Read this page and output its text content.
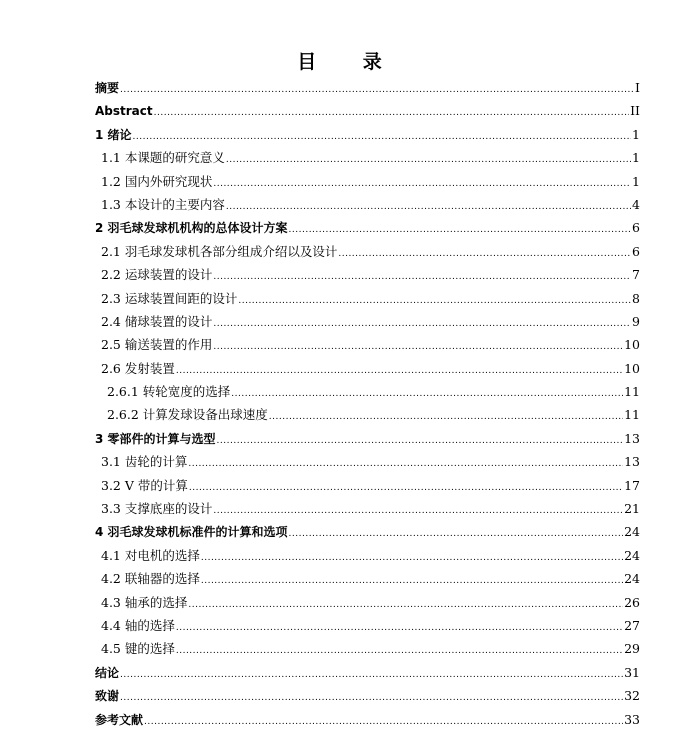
目 录
摘要 .....	I
Abstract .....	II
1 绪论 .....	1
1.1 本课题的研究意义 .....	1
1.2 国内外研究现状 .....	1
1.3 本设计的主要内容 .....	4
2 羽毛球发球机机构的总体设计方案 .....	6
2.1 羽毛球发球机各部分组成介绍以及设计 .....	6
2.2 运球装置的设计 .....	7
2.3 运球装置间距的设计 .....	8
2.4 储球装置的设计 .....	9
2.5 输送装置的作用 .....	10
2.6 发射装置 .....	10
2.6.1 转轮宽度的选择 .....	11
2.6.2 计算发球设备出球速度 .....	11
3 零部件的计算与选型 .....	13
3.1 齿轮的计算 .....	13
3.2 V 带的计算 .....	17
3.3 支撑底座的设计 .....	21
4 羽毛球发球机标准件的计算和选项 .....	24
4.1 对电机的选择 .....	24
4.2 联轴器的选择 .....	24
4.3 轴承的选择 .....	26
4.4 轴的选择 .....	27
4.5 键的选择 .....	29
结论 .....	31
致谢 .....	32
参考文献 .....	33
